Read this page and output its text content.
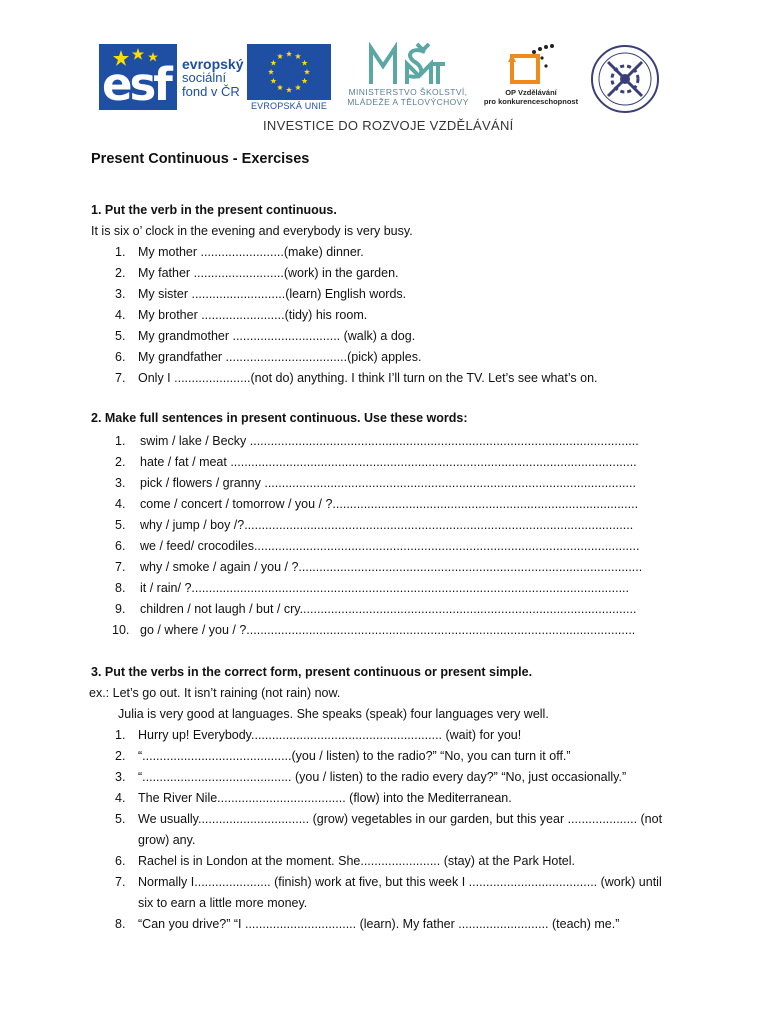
esf evropský
sociální
fond v ČR
EVROPSKÁ UNIE
MINISTERSTVO ŠKOLSTVÍ,
MLÁDEŽE A TĚLOVÝCHOVY
OP Vzdělávání
pro konkurenceschopnost
INVESTICE DO ROZVOJE VZDĚLÁVÁNÍ
Present Continuous - Exercises
1. Put the verb in the present continuous.
It is six o’ clock in the evening and everybody is very busy.
1. My mother ........................(make) dinner.
2. My father ..........................(work) in the garden.
3. My sister ...........................(learn) English words.
4. My brother ........................(tidy) his room.
5. My grandmother ............................... (walk) a dog.
6. My grandfather ...................................(pick) apples.
7. Only I ......................(not do) anything. I think I’ll turn on the TV. Let’s see what’s on.
2. Make full sentences in present continuous. Use these words:
1. swim / lake / Becky ................................................................................................................
2. hate / fat / meat .....................................................................................................................
3. pick / flowers / granny ...........................................................................................................
4. come / concert / tomorrow / you / ?........................................................................................
5. why / jump / boy /?................................................................................................................
6. we / feed/ crocodiles...............................................................................................................
7. why / smoke / again / you / ?...................................................................................................
8. it / rain/ ?..............................................................................................................................
9. children / not laugh / but / cry.................................................................................................
10. go / where / you / ?................................................................................................................
3. Put the verbs in the correct form, present continuous or present simple.
ex.: Let’s go out. It isn’t raining (not rain) now.
Julia is very good at languages. She speaks (speak) four languages very well.
1. Hurry up! Everybody....................................................... (wait) for you!
2. “...........................................(you / listen) to the radio?” “No, you can turn it off.”
3. “........................................... (you / listen) to the radio every day?” “No, just occasionally.”
4. The River Nile..................................... (flow) into the Mediterranean.
5. We usually................................ (grow) vegetables in our garden, but this year .................... (not
grow) any.
6. Rachel is in London at the moment. She....................... (stay) at the Park Hotel.
7. Normally I...................... (finish) work at five, but this week I ..................................... (work) until
six to earn a little more money.
8. “Can you drive?” “I ................................ (learn). My father .......................... (teach) me.”
